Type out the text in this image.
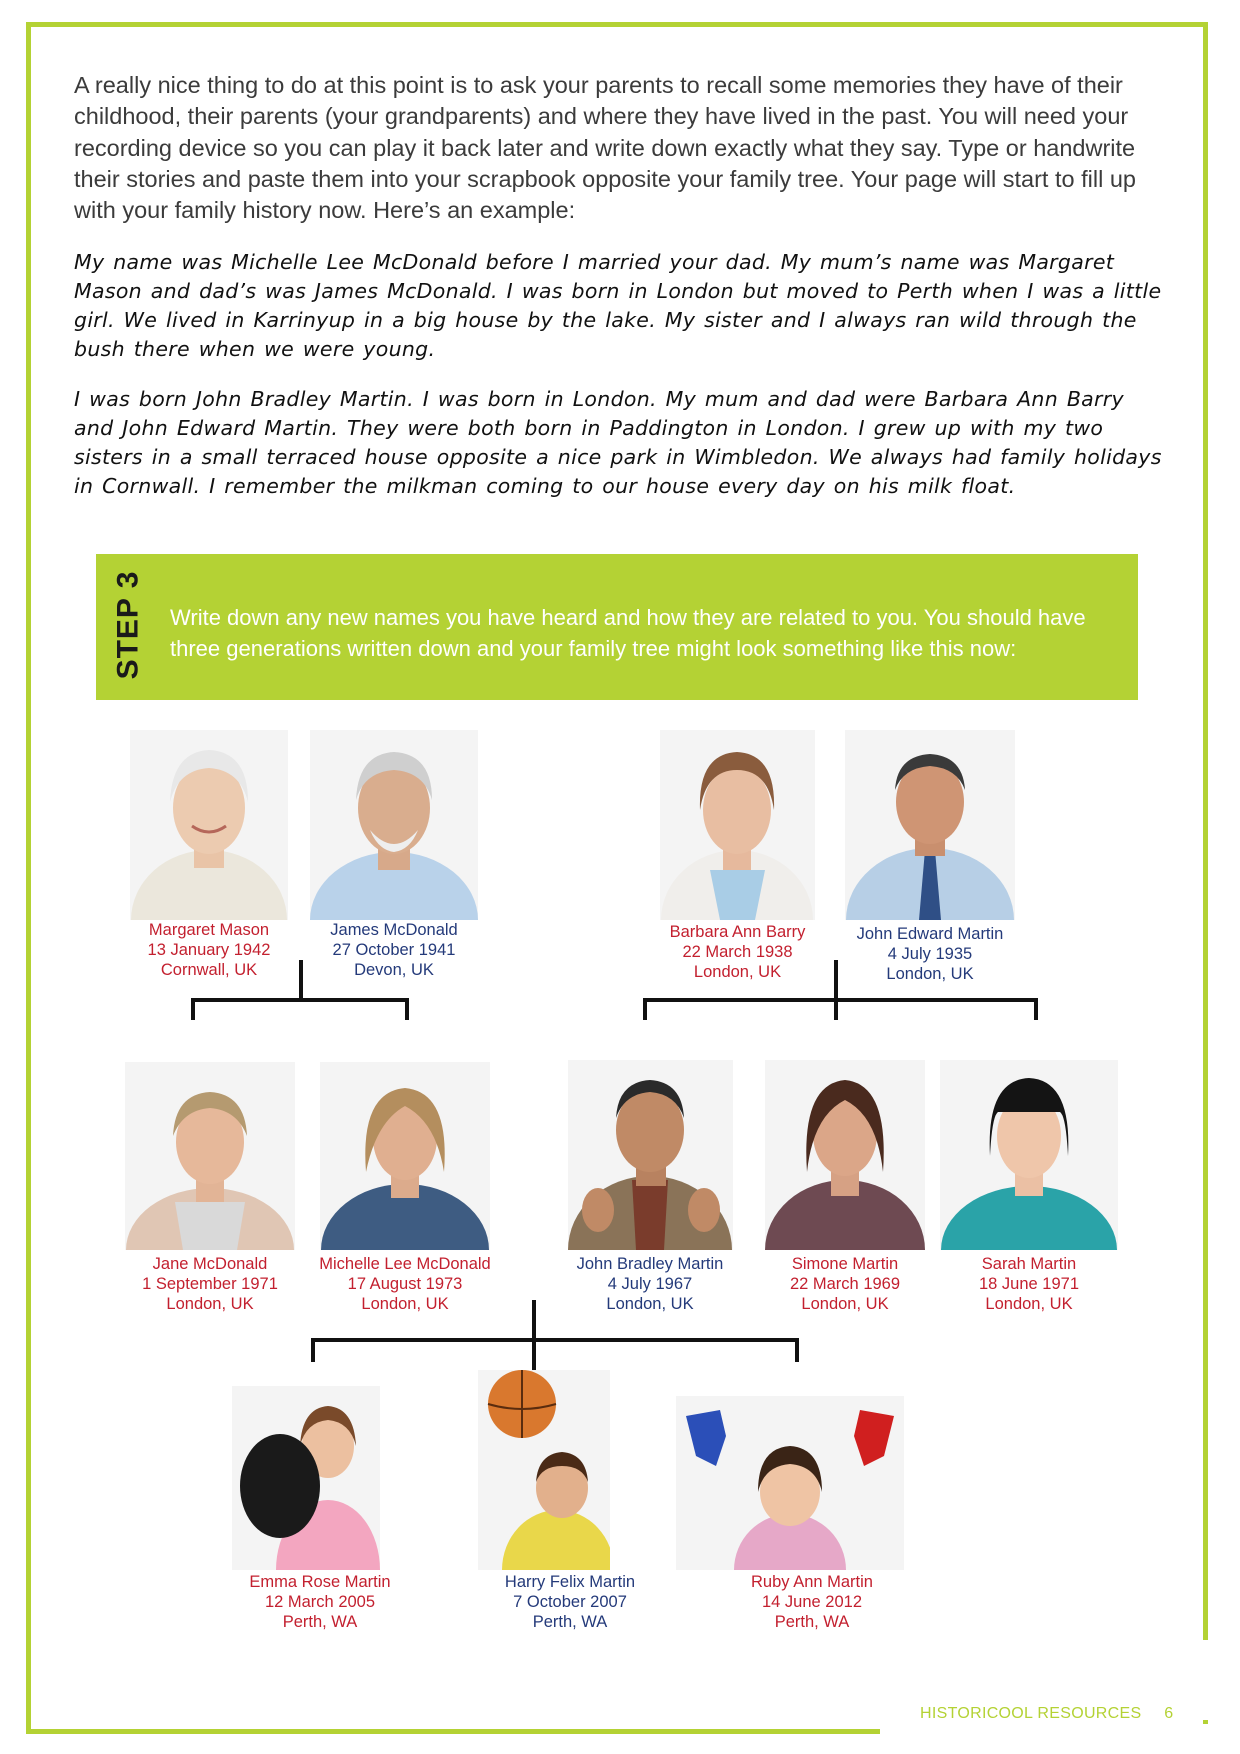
A really nice thing to do at this point is to ask your parents to recall some memories they have of their childhood, their parents (your grandparents) and where they have lived in the past. You will need your recording device so you can play it back later and write down exactly what they say. Type or handwrite their stories and paste them into your scrapbook opposite your family tree. Your page will start to fill up with your family history now. Here’s an example:

My name was Michelle Lee McDonald before I married your dad. My mum’s name was Margaret Mason and dad’s was James McDonald. I was born in London but moved to Perth when I was a little girl. We lived in Karrinyup in a big house by the lake. My sister and I always ran wild through the bush there when we were young.

I was born John Bradley Martin. I was born in London. My mum and dad were Barbara Ann Barry and John Edward Martin. They were both born in Paddington in London. I grew up with my two sisters in a small terraced house opposite a nice park in Wimbledon. We always had family holidays in Cornwall. I remember the milkman coming to our house every day on his milk float.

STEP 3 Write down any new names you have heard and how they are related to you. You should have three generations written down and your family tree might look something like this now:

Margaret Mason
13 January 1942
Cornwall, UK
James McDonald
27 October 1941
Devon, UK
Barbara Ann Barry
22 March 1938
London, UK
John Edward Martin
4 July 1935
London, UK
Jane McDonald
1 September 1971
London, UK
Michelle Lee McDonald
17 August 1973
London, UK
John Bradley Martin
4 July 1967
London, UK
Simone Martin
22 March 1969
London, UK
Sarah Martin
18 June 1971
London, UK
Emma Rose Martin
12 March 2005
Perth, WA
Harry Felix Martin
7 October 2007
Perth, WA
Ruby Ann Martin
14 June 2012
Perth, WA
HISTORICOOL RESOURCES 6
